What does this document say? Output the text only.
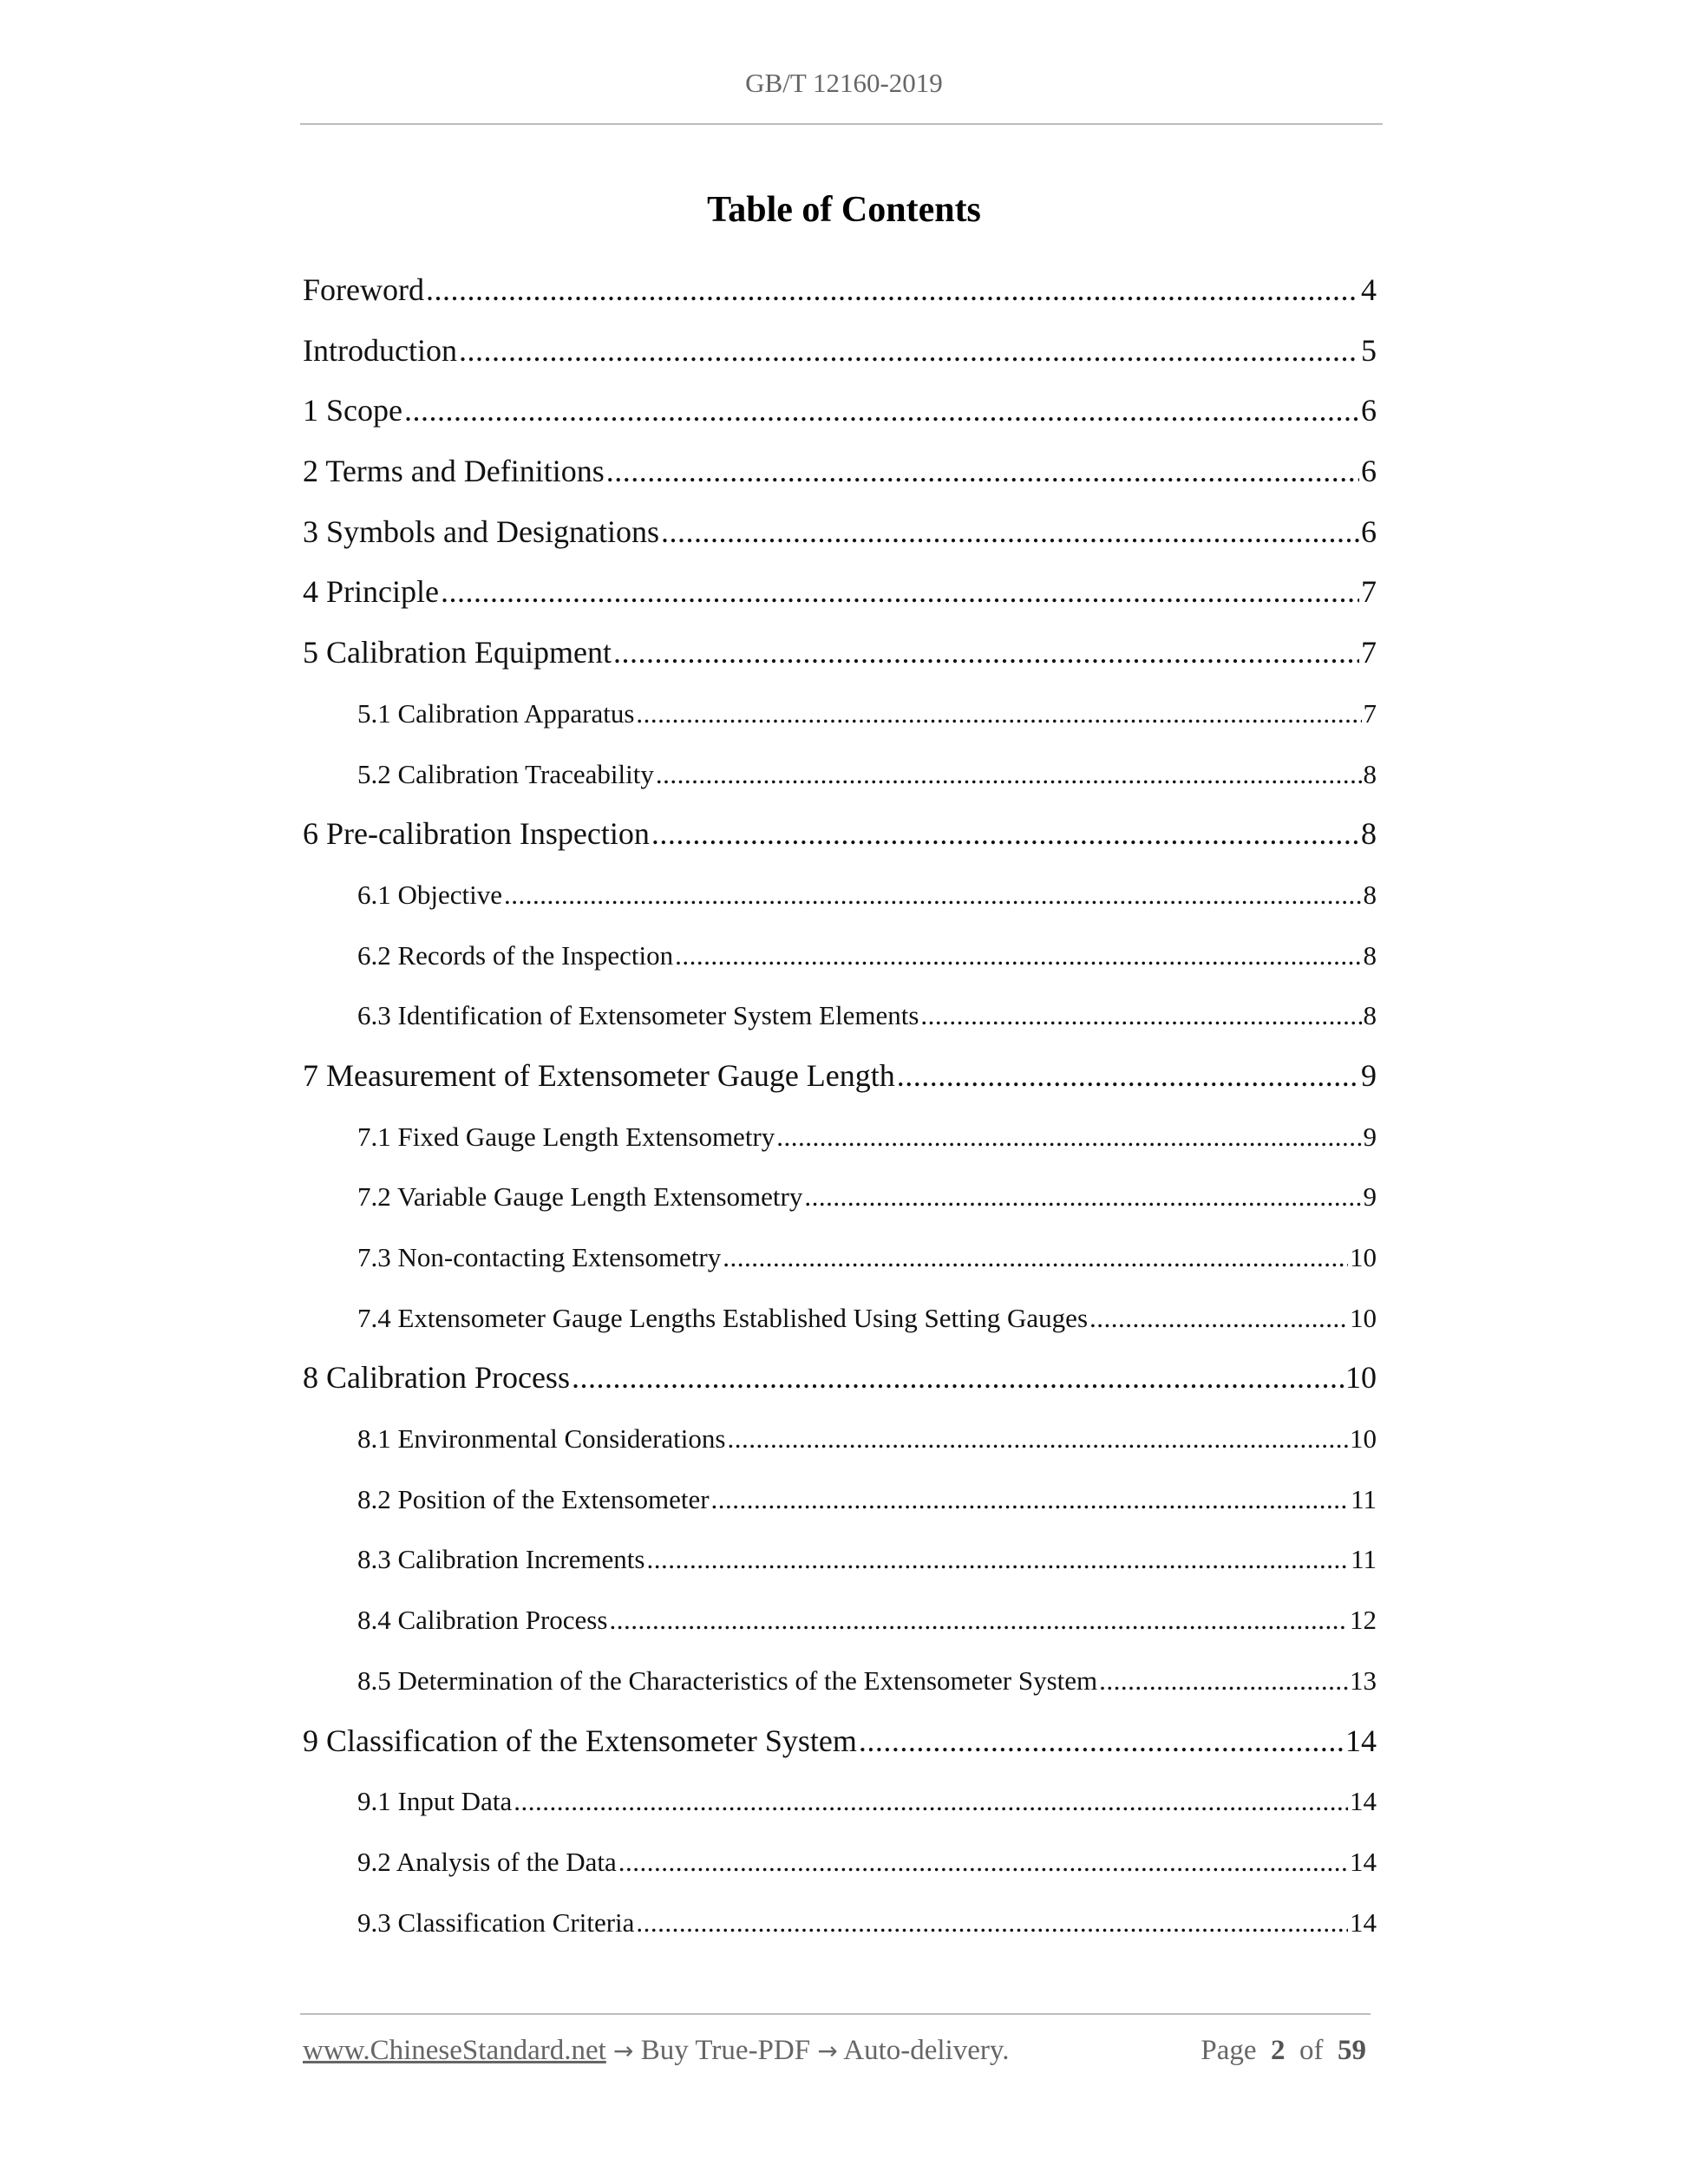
GB/T 12160-2019
Table of Contents
Foreword .....	4
Introduction .....	5
1 Scope .....	6
2 Terms and Definitions .....	6
3 Symbols and Designations .....	6
4 Principle .....	7
5 Calibration Equipment .....	7
5.1 Calibration Apparatus .....	7
5.2 Calibration Traceability .....	8
6 Pre-calibration Inspection .....	8
6.1 Objective .....	8
6.2 Records of the Inspection .....	8
6.3 Identification of Extensometer System Elements .....	8
7 Measurement of Extensometer Gauge Length .....	9
7.1 Fixed Gauge Length Extensometry .....	9
7.2 Variable Gauge Length Extensometry .....	9
7.3 Non-contacting Extensometry .....	10
7.4 Extensometer Gauge Lengths Established Using Setting Gauges .....	10
8 Calibration Process .....	10
8.1 Environmental Considerations .....	10
8.2 Position of the Extensometer .....	11
8.3 Calibration Increments .....	11
8.4 Calibration Process .....	12
8.5 Determination of the Characteristics of the Extensometer System .....	13
9 Classification of the Extensometer System .....	14
9.1 Input Data .....	14
9.2 Analysis of the Data .....	14
9.3 Classification Criteria .....	14
www.ChineseStandard.net → Buy True-PDF → Auto-delivery.	Page 2 of 59
